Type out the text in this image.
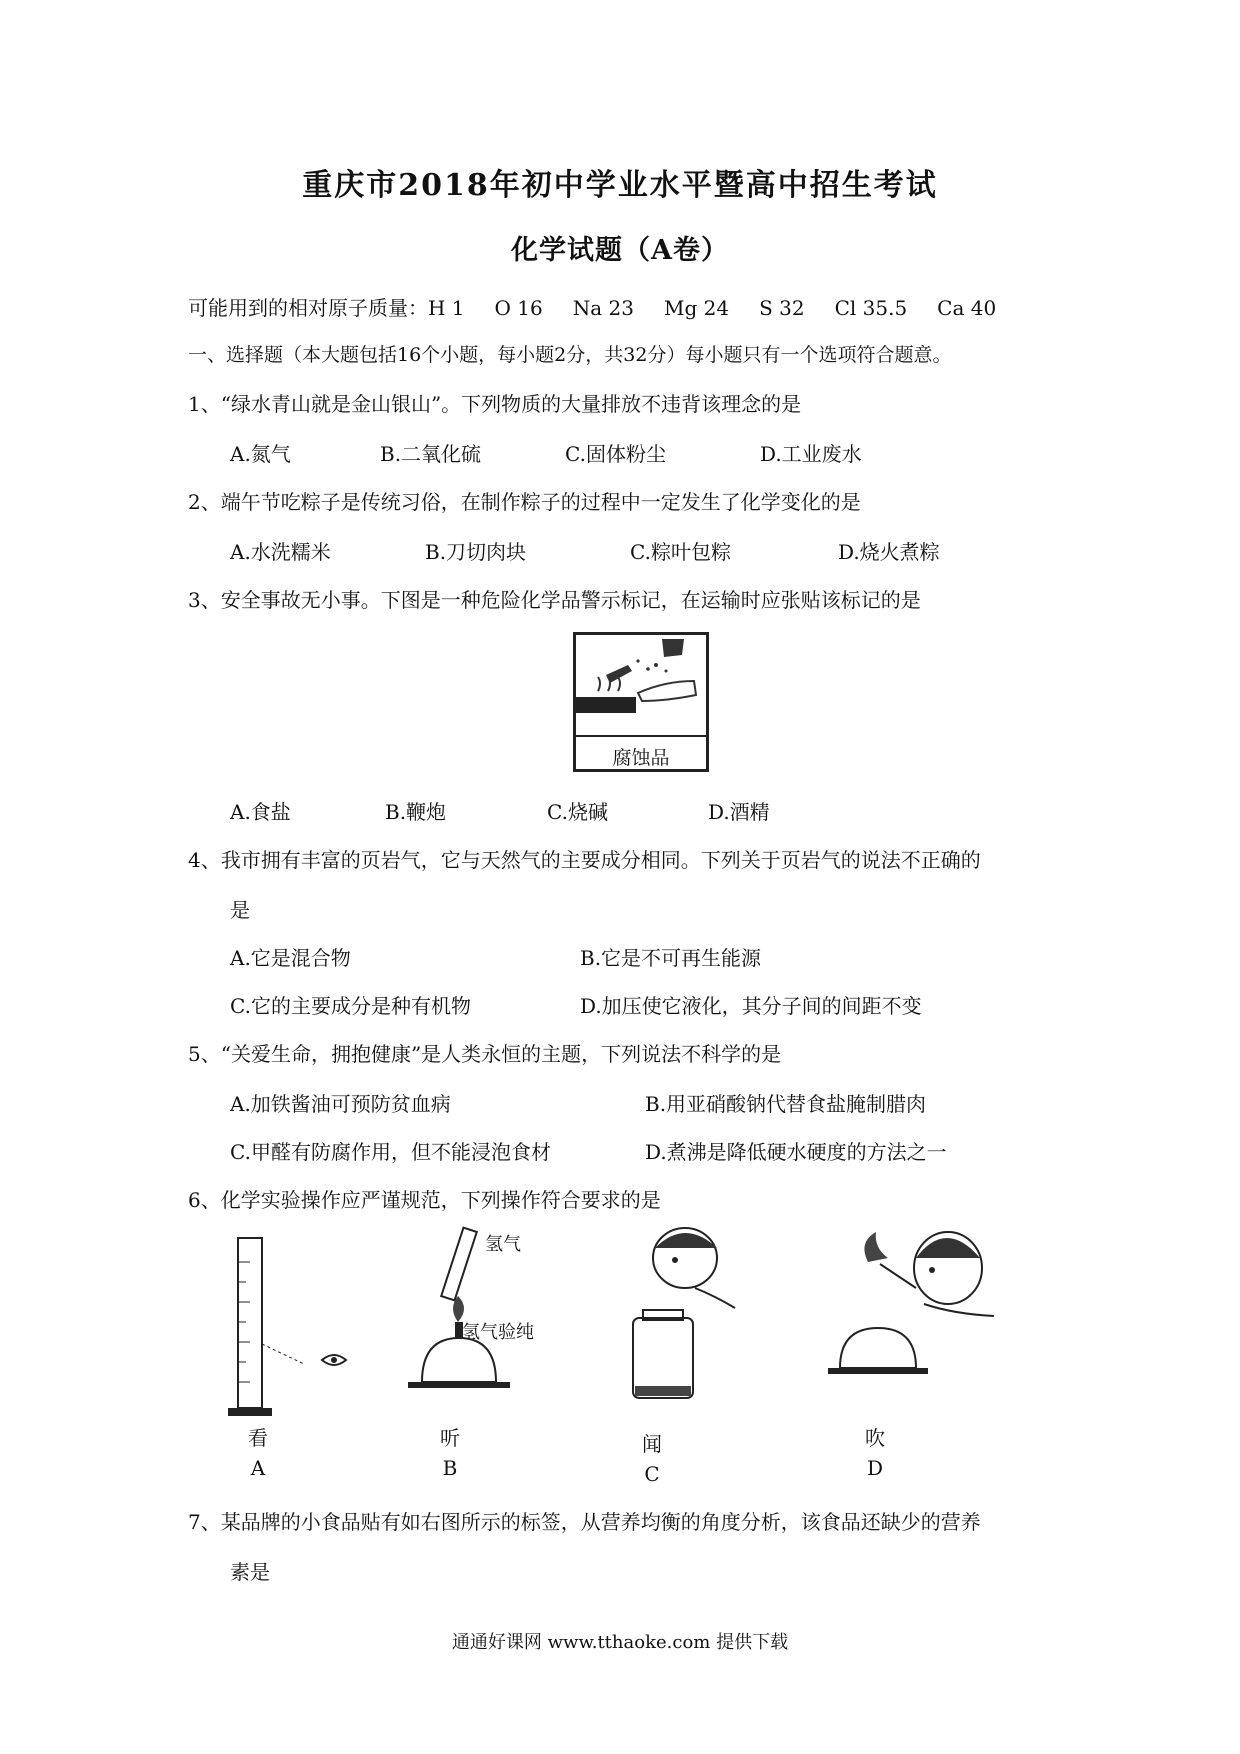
重庆市2018年初中学业水平暨高中招生考试
化学试题（A卷）
可能用到的相对原子质量：H 1 O 16 Na 23 Mg 24 S 32 Cl 35.5 Ca 40
一、选择题（本大题包括16个小题，每小题2分，共32分）每小题只有一个选项符合题意。
1、“绿水青山就是金山银山”。下列物质的大量排放不违背该理念的是
A.氮气	B.二氧化硫	C.固体粉尘	D.工业废水
2、端午节吃粽子是传统习俗，在制作粽子的过程中一定发生了化学变化的是
A.水洗糯米	B.刀切肉块	C.粽叶包粽	D.烧火煮粽
3、安全事故无小事。下图是一种危险化学品警示标记，在运输时应张贴该标记的是
腐蚀品
A.食盐	B.鞭炮	C.烧碱	D.酒精
4、我市拥有丰富的页岩气，它与天然气的主要成分相同。下列关于页岩气的说法不正确的
是
A.它是混合物	B.它是不可再生能源
C.它的主要成分是种有机物	D.加压使它液化，其分子间的间距不变
5、“关爱生命，拥抱健康”是人类永恒的主题，下列说法不科学的是
A.加铁酱油可预防贫血病	B.用亚硝酸钠代替食盐腌制腊肉
C.甲醛有防腐作用，但不能浸泡食材	D.煮沸是降低硬水硬度的方法之一
6、化学实验操作应严谨规范，下列操作符合要求的是
氢气
氢气验纯
看
A
听
B
闻
C
吹
D
7、某品牌的小食品贴有如右图所示的标签，从营养均衡的角度分析，该食品还缺少的营养
素是
通通好课网 www.tthaoke.com 提供下载
